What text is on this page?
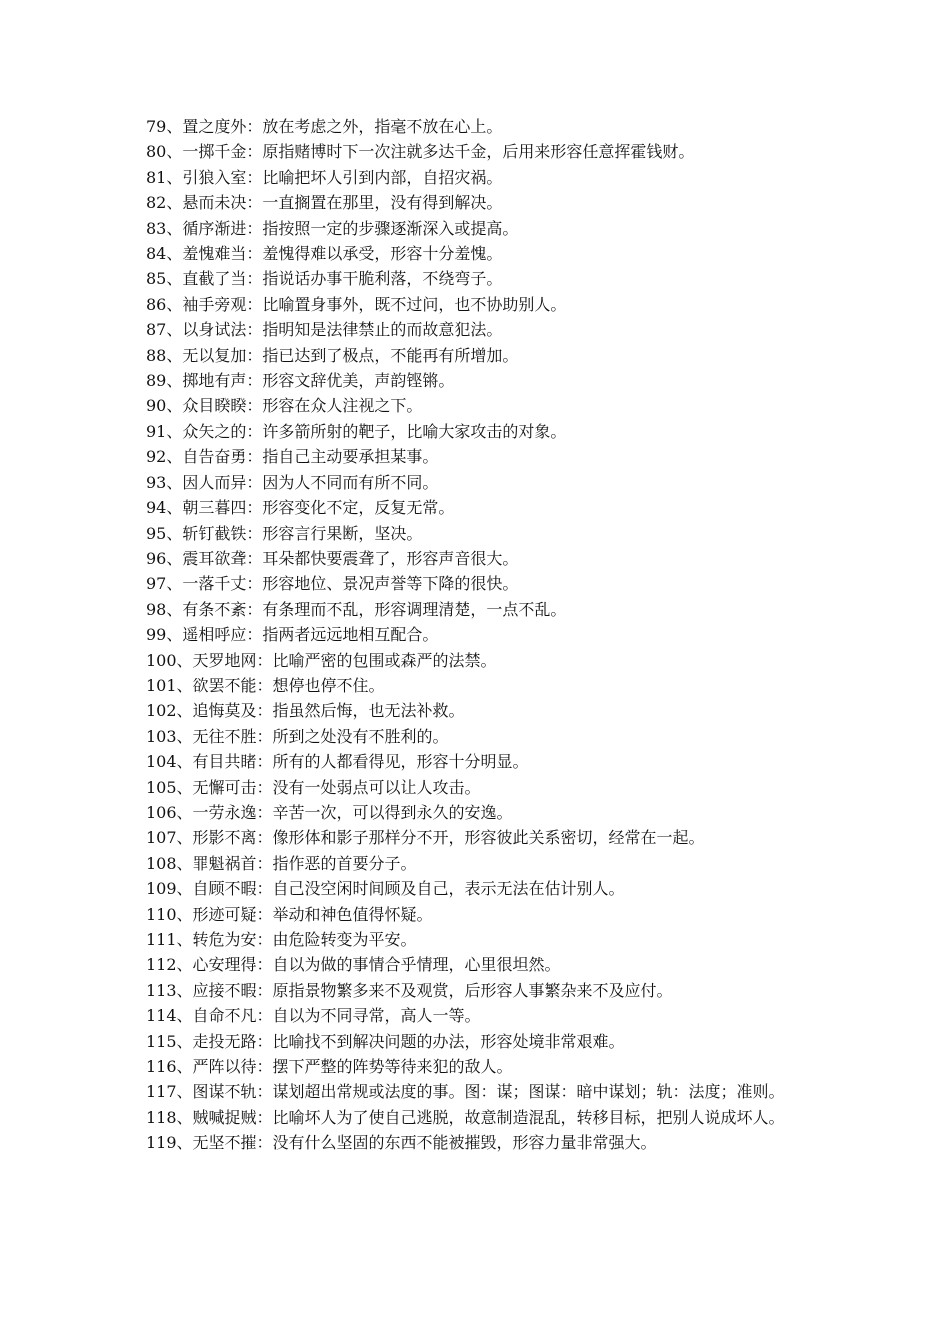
79、置之度外：放在考虑之外，指毫不放在心上。

80、一掷千金：原指赌博时下一次注就多达千金，后用来形容任意挥霍钱财。

81、引狼入室：比喻把坏人引到内部，自招灾祸。

82、悬而未决：一直搁置在那里，没有得到解决。

83、循序渐进：指按照一定的步骤逐渐深入或提高。

84、羞愧难当：羞愧得难以承受，形容十分羞愧。

85、直截了当：指说话办事干脆利落，不绕弯子。

86、袖手旁观：比喻置身事外，既不过问，也不协助别人。

87、以身试法：指明知是法律禁止的而故意犯法。

88、无以复加：指已达到了极点，不能再有所增加。

89、掷地有声：形容文辞优美，声韵铿锵。

90、众目睽睽：形容在众人注视之下。

91、众矢之的：许多箭所射的靶子，比喻大家攻击的对象。

92、自告奋勇：指自己主动要承担某事。

93、因人而异：因为人不同而有所不同。

94、朝三暮四：形容变化不定，反复无常。

95、斩钉截铁：形容言行果断，坚决。

96、震耳欲聋：耳朵都快要震聋了，形容声音很大。

97、一落千丈：形容地位、景况声誉等下降的很快。

98、有条不紊：有条理而不乱，形容调理清楚，一点不乱。

99、遥相呼应：指两者远远地相互配合。

100、天罗地网：比喻严密的包围或森严的法禁。

101、欲罢不能：想停也停不住。

102、追悔莫及：指虽然后悔，也无法补救。

103、无往不胜：所到之处没有不胜利的。

104、有目共睹：所有的人都看得见，形容十分明显。

105、无懈可击：没有一处弱点可以让人攻击。

106、一劳永逸：辛苦一次，可以得到永久的安逸。

107、形影不离：像形体和影子那样分不开，形容彼此关系密切，经常在一起。

108、罪魁祸首：指作恶的首要分子。

109、自顾不暇：自己没空闲时间顾及自己，表示无法在估计别人。

110、形迹可疑：举动和神色值得怀疑。

111、转危为安：由危险转变为平安。

112、心安理得：自以为做的事情合乎情理，心里很坦然。

113、应接不暇：原指景物繁多来不及观赏，后形容人事繁杂来不及应付。

114、自命不凡：自以为不同寻常，高人一等。

115、走投无路：比喻找不到解决问题的办法，形容处境非常艰难。

116、严阵以待：摆下严整的阵势等待来犯的敌人。

117、图谋不轨：谋划超出常规或法度的事。图：谋；图谋：暗中谋划；轨：法度；准则。

118、贼喊捉贼：比喻坏人为了使自己逃脱，故意制造混乱，转移目标，把别人说成坏人。

119、无坚不摧：没有什么坚固的东西不能被摧毁，形容力量非常强大。
